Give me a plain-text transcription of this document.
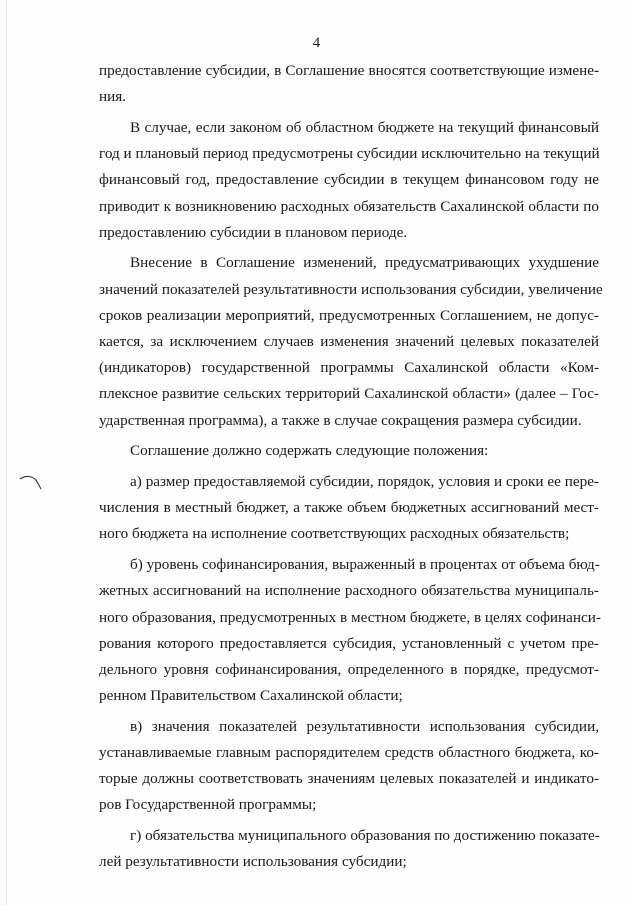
4
предоставление субсидии, в Соглашение вносятся соответствующие измене-
ния.
В случае, если законом об областном бюджете на текущий финансовый
год и плановый период предусмотрены субсидии исключительно на текущий
финансовый год, предоставление субсидии в текущем финансовом году не
приводит к возникновению расходных обязательств Сахалинской области по
предоставлению субсидии в плановом периоде.
Внесение в Соглашение изменений, предусматривающих ухудшение
значений показателей результативности использования субсидии, увеличение
сроков реализации мероприятий, предусмотренных Соглашением, не допус-
кается, за исключением случаев изменения значений целевых показателей
(индикаторов) государственной программы Сахалинской области «Ком-
плексное развитие сельских территорий Сахалинской области» (далее – Гос-
ударственная программа), а также в случае сокращения размера субсидии.
Соглашение должно содержать следующие положения:
а) размер предоставляемой субсидии, порядок, условия и сроки ее пере-
числения в местный бюджет, а также объем бюджетных ассигнований мест-
ного бюджета на исполнение соответствующих расходных обязательств;
б) уровень софинансирования, выраженный в процентах от объема бюд-
жетных ассигнований на исполнение расходного обязательства муниципаль-
ного образования, предусмотренных в местном бюджете, в целях софинанси-
рования которого предоставляется субсидия, установленный с учетом пре-
дельного уровня софинансирования, определенного в порядке, предусмот-
ренном Правительством Сахалинской области;
в) значения показателей результативности использования субсидии,
устанавливаемые главным распорядителем средств областного бюджета, ко-
торые должны соответствовать значениям целевых показателей и индикато-
ров Государственной программы;
г) обязательства муниципального образования по достижению показате-
лей результативности использования субсидии;
